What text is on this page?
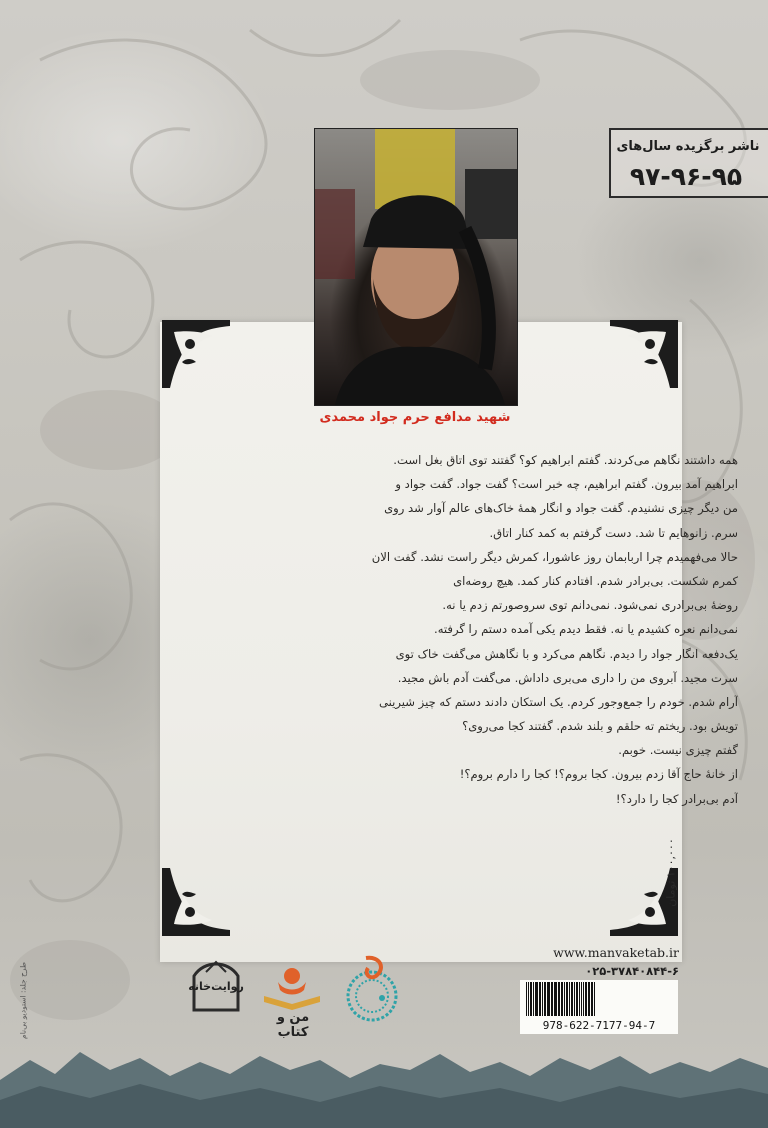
ناشر برگزیده سال‌های
۹۷-۹۶-۹۵
شهید مدافع حرم جواد محمدی
همه داشتند نگاهم می‌کردند. گفتم ابراهیم کو؟ گفتند توی اتاق بغل است.
ابراهیم آمد بیرون. گفتم ابراهیم، چه خبر است؟ گفت جواد. گفت جواد و
من دیگر چیزی نشنیدم. گفت جواد و انگار همهٔ خاک‌های عالم آوار شد روی
سرم. زانوهایم تا شد. دست گرفتم به کمد کنار اتاق.
حالا می‌فهمیدم چرا اربابمان روز عاشورا، کمرش دیگر راست نشد. گفت الان
کمرم شکست. بی‌برادر شدم. افتادم کنار کمد. هیچ روضه‌ای
روضهٔ بی‌برادری نمی‌شود. نمی‌دانم توی سروصورتم زدم یا نه.
نمی‌دانم نعره کشیدم یا نه. فقط دیدم یکی آمده دستم را گرفته.
یک‌دفعه انگار جواد را دیدم. نگاهم می‌کرد و با نگاهش می‌گفت خاک توی
سرت مجید. آبروی من را داری می‌بری داداش. می‌گفت آدم باش مجید.
آرام شدم. خودم را جمع‌وجور کردم. یک استکان دادند دستم که چیز شیرینی
تویش بود. ریختم ته حلقم و بلند شدم. گفتند کجا می‌روی؟
گفتم چیزی نیست. خوبم.
از خانهٔ حاج آقا زدم بیرون. کجا بروم؟! کجا را دارم بروم؟!
آدم بی‌برادر کجا را دارد؟!
۱۰۰,۰۰۰ تومان
www.manvaketab.ir
۰۲۵-۳۷۸۴۰۸۴۴-۶
978-622-7177-94-7
من و کتاب
روایت‌خانه
طرح جلد: استودیو بی‌نام
